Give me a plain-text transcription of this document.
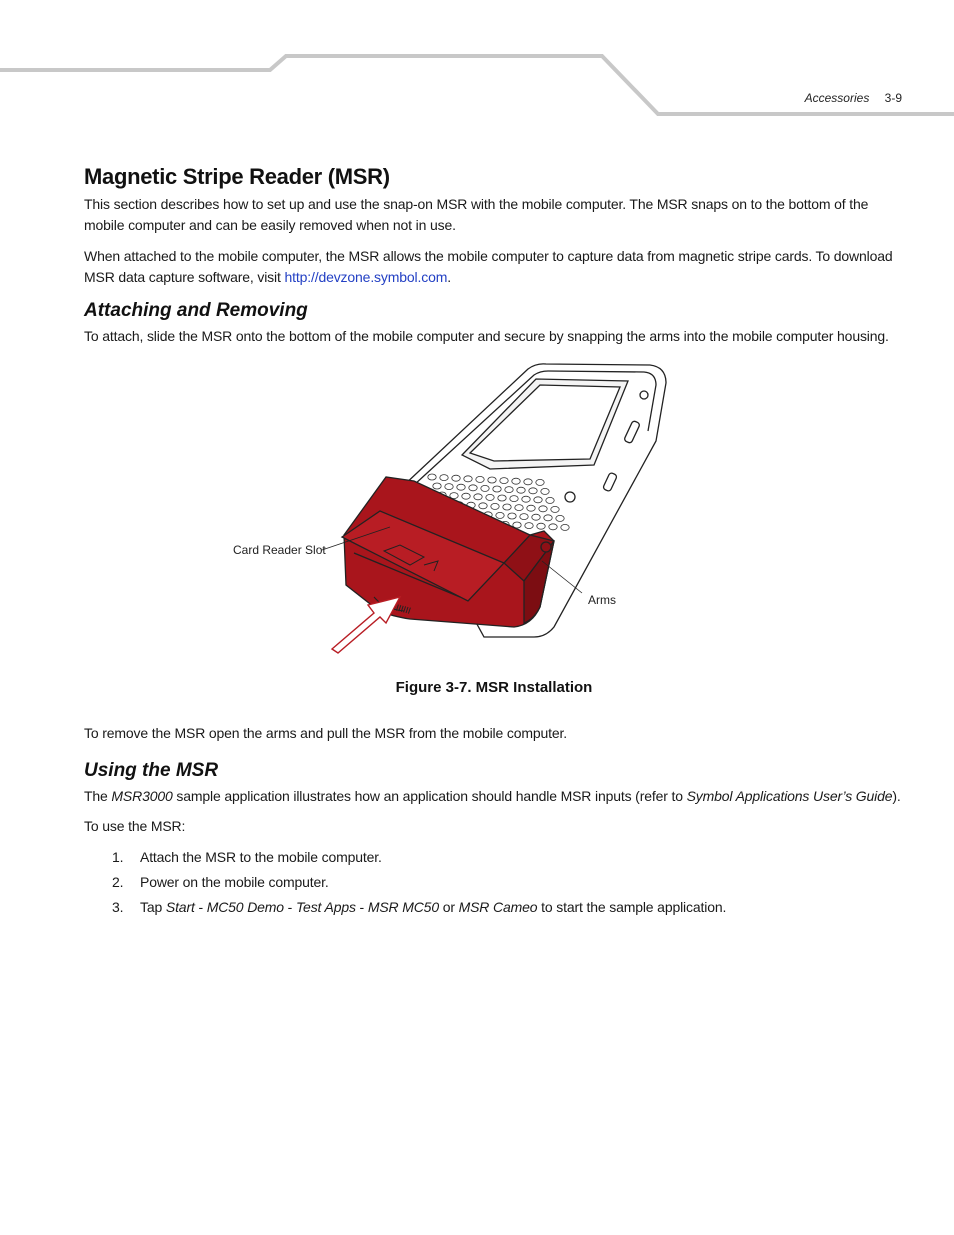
Accessories 3-9
Magnetic Stripe Reader (MSR)

This section describes how to set up and use the snap-on MSR with the mobile computer. The MSR snaps on to the bottom of the mobile computer and can be easily removed when not in use.

When attached to the mobile computer, the MSR allows the mobile computer to capture data from magnetic stripe cards. To download MSR data capture software, visit http://devzone.symbol.com.

Attaching and Removing

To attach, slide the MSR onto the bottom of the mobile computer and secure by snapping the arms into the mobile computer housing.

Card Reader Slot
Arms
Figure 3-7. MSR Installation

To remove the MSR open the arms and pull the MSR from the mobile computer.

Using the MSR

The MSR3000 sample application illustrates how an application should handle MSR inputs (refer to Symbol Applications User’s Guide).

To use the MSR:

1. Attach the MSR to the mobile computer.
2. Power on the mobile computer.
3. Tap Start - MC50 Demo - Test Apps - MSR MC50 or MSR Cameo to start the sample application.
